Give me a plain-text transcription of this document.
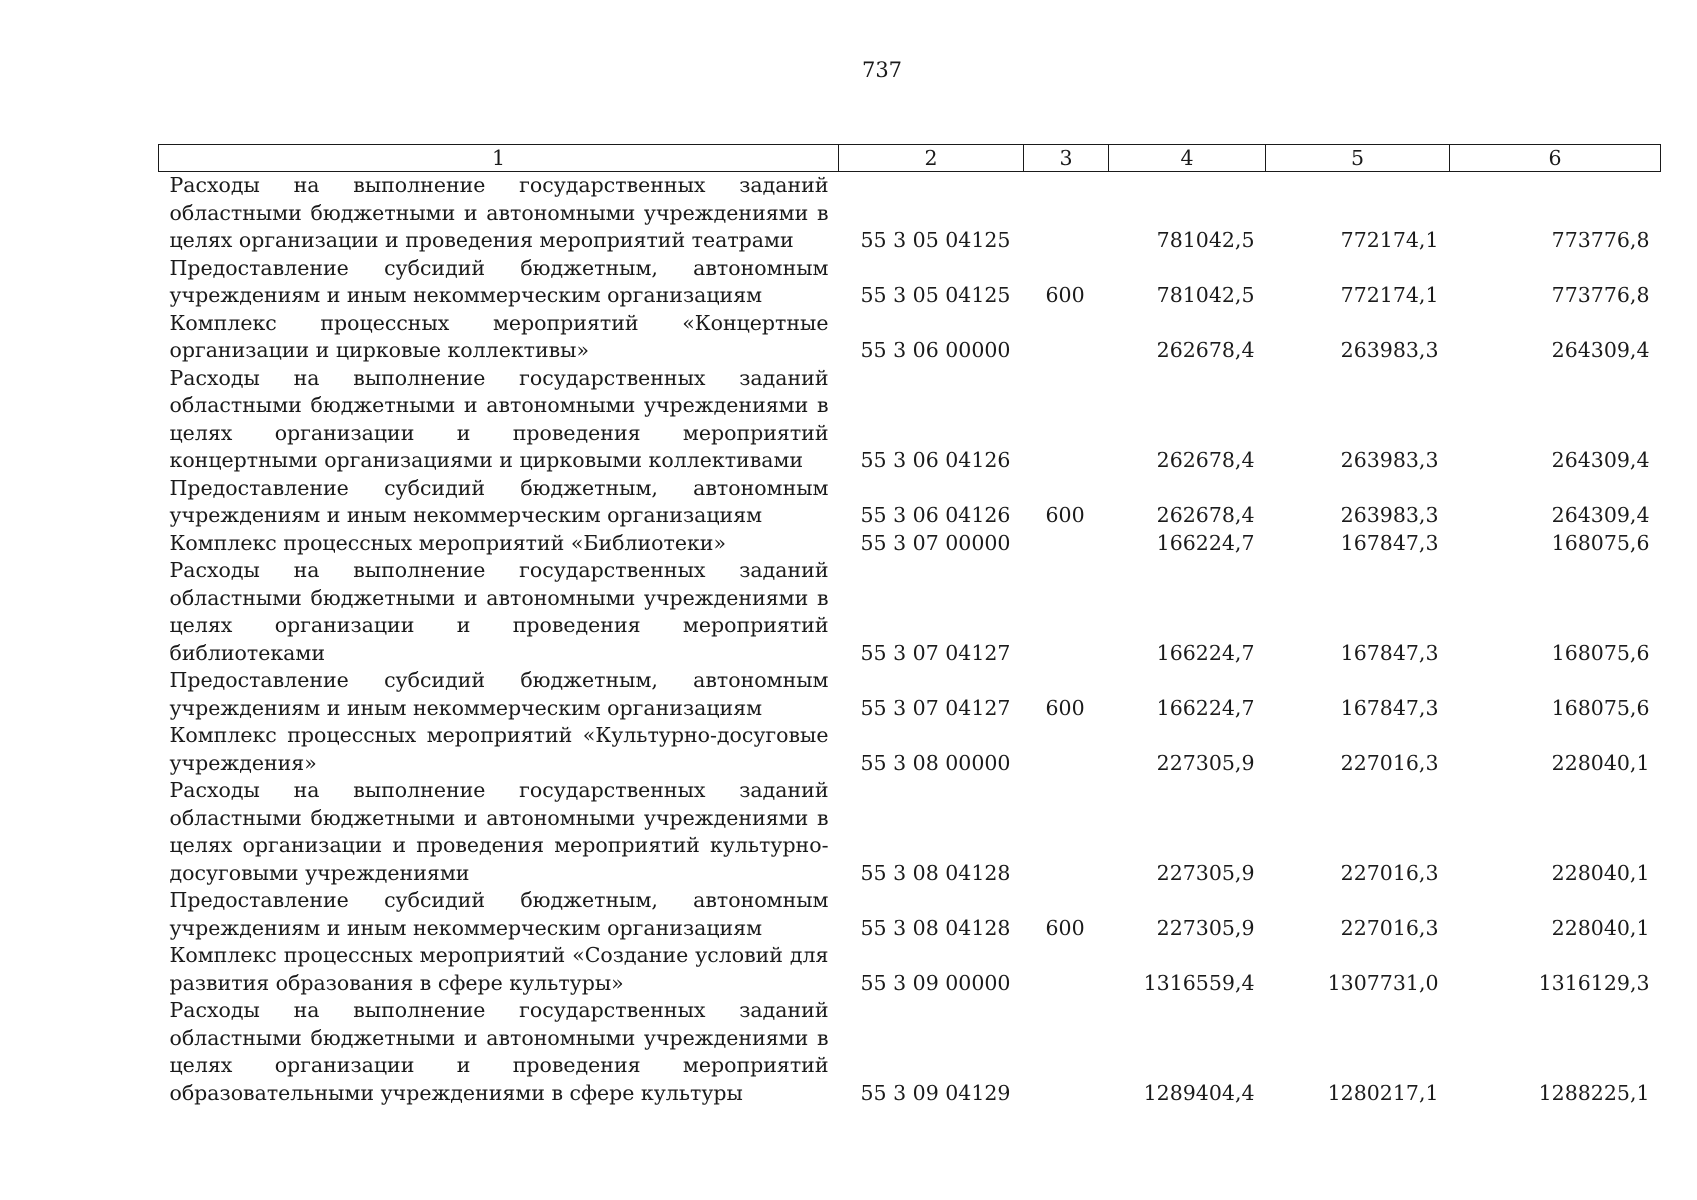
737
1	2	3	4	5	6
Расходы на выполнение государственных заданий областными бюджетными и автономными учреждениями в целях организации и проведения мероприятий театрами	55 3 05 04125		781042,5	772174,1	773776,8
Предоставление субсидий бюджетным, автономным учреждениям и иным некоммерческим организациям	55 3 05 04125	600	781042,5	772174,1	773776,8
Комплекс процессных мероприятий «Концертные организации и цирковые коллективы»	55 3 06 00000		262678,4	263983,3	264309,4
Расходы на выполнение государственных заданий областными бюджетными и автономными учреждениями в целях организации и проведения мероприятий концертными организациями и цирковыми коллективами	55 3 06 04126		262678,4	263983,3	264309,4
Предоставление субсидий бюджетным, автономным учреждениям и иным некоммерческим организациям	55 3 06 04126	600	262678,4	263983,3	264309,4
Комплекс процессных мероприятий «Библиотеки»	55 3 07 00000		166224,7	167847,3	168075,6
Расходы на выполнение государственных заданий областными бюджетными и автономными учреждениями в целях организации и проведения мероприятий библиотеками	55 3 07 04127		166224,7	167847,3	168075,6
Предоставление субсидий бюджетным, автономным учреждениям и иным некоммерческим организациям	55 3 07 04127	600	166224,7	167847,3	168075,6
Комплекс процессных мероприятий «Культурно-досуговые учреждения»	55 3 08 00000		227305,9	227016,3	228040,1
Расходы на выполнение государственных заданий областными бюджетными и автономными учреждениями в целях организации и проведения мероприятий культурно-досуговыми учреждениями	55 3 08 04128		227305,9	227016,3	228040,1
Предоставление субсидий бюджетным, автономным учреждениям и иным некоммерческим организациям	55 3 08 04128	600	227305,9	227016,3	228040,1
Комплекс процессных мероприятий «Создание условий для развития образования в сфере культуры»	55 3 09 00000		1316559,4	1307731,0	1316129,3
Расходы на выполнение государственных заданий областными бюджетными и автономными учреждениями в целях организации и проведения мероприятий образовательными учреждениями в сфере культуры	55 3 09 04129		1289404,4	1280217,1	1288225,1
